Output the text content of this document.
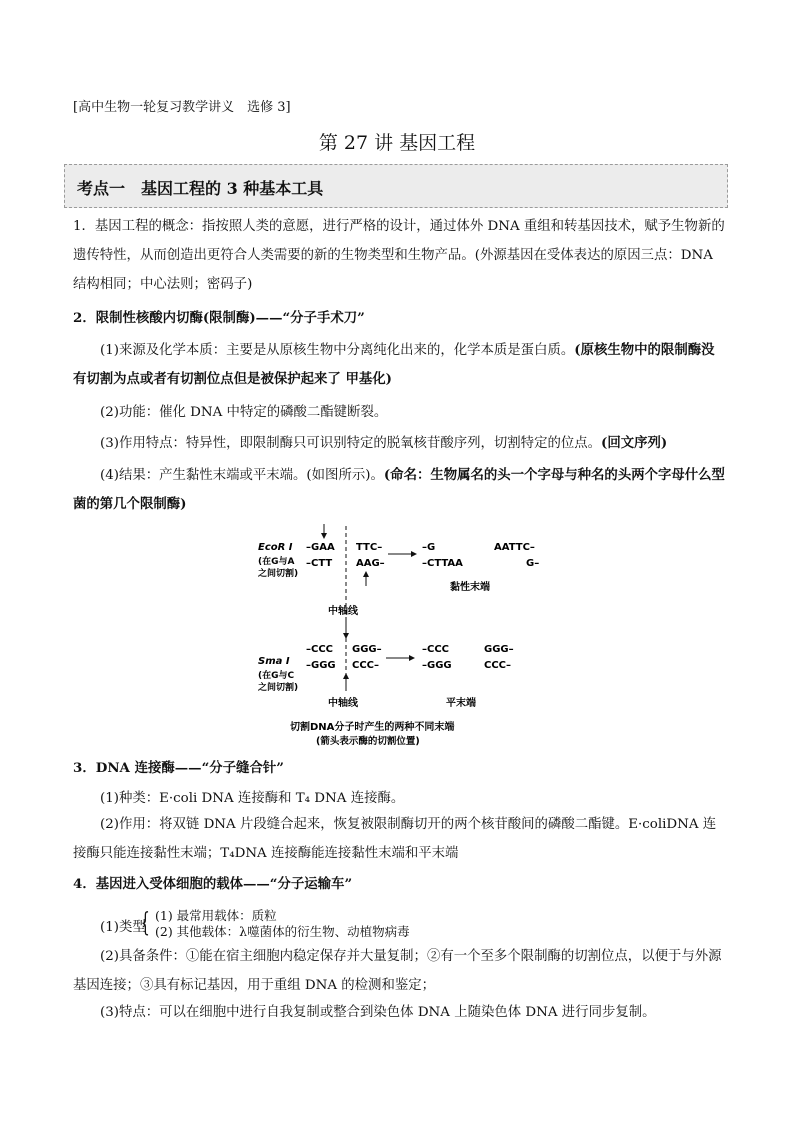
[高中生物一轮复习教学讲义　选修 3]
第 27 讲 基因工程
考点一　基因工程的 3 种基本工具

1．基因工程的概念：指按照人类的意愿，进行严格的设计，通过体外 DNA 重组和转基因技术，赋予生物新的遗传特性，从而创造出更符合人类需要的新的生物类型和生物产品。(外源基因在受体表达的原因三点：DNA 结构相同；中心法则；密码子)

2．限制性核酸内切酶(限制酶)——“分子手术刀”

(1)来源及化学本质：主要是从原核生物中分离纯化出来的，化学本质是蛋白质。(原核生物中的限制酶没有切割为点或者有切割位点但是被保护起来了 甲基化)

(2)功能：催化 DNA 中特定的磷酸二酯键断裂。

(3)作用特点：特异性，即限制酶只可识别特定的脱氧核苷酸序列，切割特定的位点。(回文序列)

(4)结果：产生黏性末端或平末端。(如图所示)。(命名：生物属名的头一个字母与种名的头两个字母什么型菌的第几个限制酶)

EcoR Ⅰ
(在G与A
之间切割)
–GAA
–CTT
TTC–
AAG–
–G
–CTTAA
AATTC–
G–
黏性末端
中轴线
Sma Ⅰ
(在G与C
之间切割)
–CCC
–GGG
GGG–
CCC–
–CCC
–GGG
GGG–
CCC–
中轴线	平末端
切割DNA分子时产生的两种不同末端
(箭头表示酶的切割位置)

3．DNA 连接酶——“分子缝合针”

(1)种类：E·coli DNA 连接酶和 T₄ DNA 连接酶。

(2)作用：将双链 DNA 片段缝合起来，恢复被限制酶切开的两个核苷酸间的磷酸二酯键。E·coliDNA 连接酶只能连接黏性末端；T₄DNA 连接酶能连接黏性末端和平末端

4．基因进入受体细胞的载体——“分子运输车”

(1)类型
{ (1) 最常用载体：质粒
(2) 其他载体：λ噬菌体的衍生物、动植物病毒

(2)具备条件：①能在宿主细胞内稳定保存并大量复制；②有一个至多个限制酶的切割位点，以便于与外源基因连接；③具有标记基因，用于重组 DNA 的检测和鉴定；

(3)特点：可以在细胞中进行自我复制或整合到染色体 DNA 上随染色体 DNA 进行同步复制。
